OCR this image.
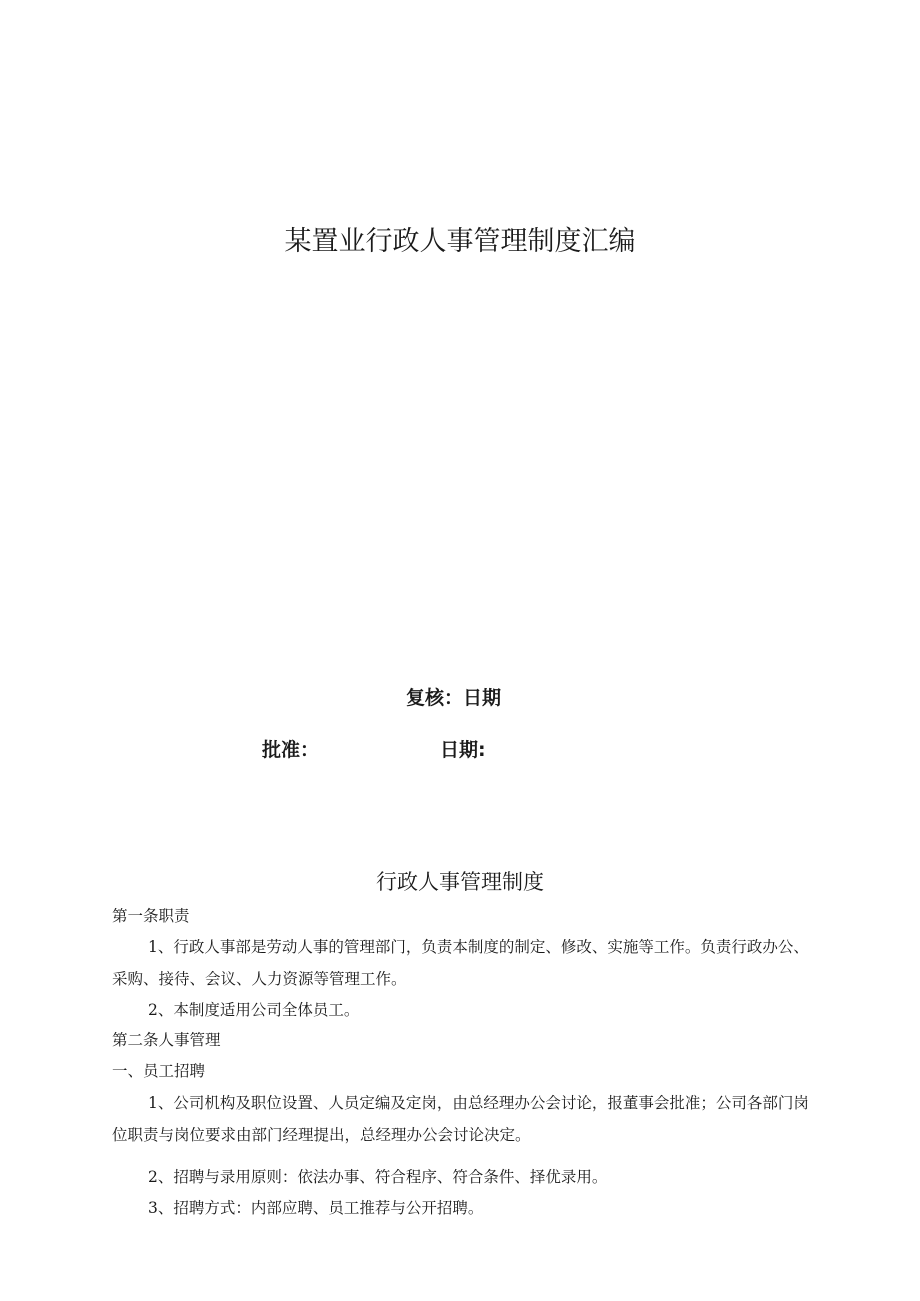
某置业行政人事管理制度汇编
复核：日期
批准：	日期:
行政人事管理制度

第一条职责

1、行政人事部是劳动人事的管理部门，负责本制度的制定、修改、实施等工作。负责行政办公、采购、接待、会议、人力资源等管理工作。

2、本制度适用公司全体员工。

第二条人事管理

一、员工招聘

1、公司机构及职位设置、人员定编及定岗，由总经理办公会讨论，报董事会批准；公司各部门岗位职责与岗位要求由部门经理提出，总经理办公会讨论决定。

2、招聘与录用原则：依法办事、符合程序、符合条件、择优录用。

3、招聘方式：内部应聘、员工推荐与公开招聘。
